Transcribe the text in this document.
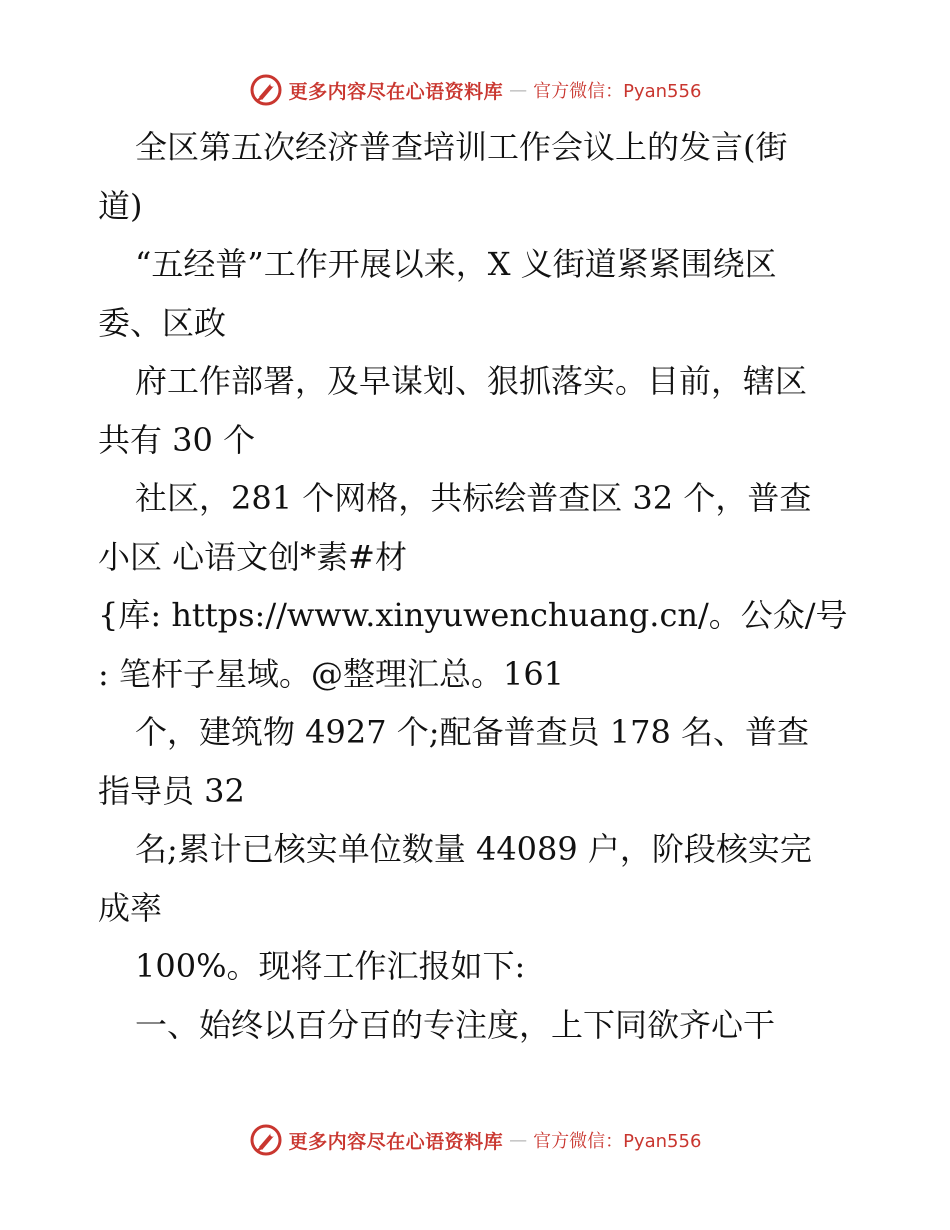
更多内容尽在心语资料库 — 官方微信：Pyan556
全区第五次经济普查培训工作会议上的发言(街
道)
“五经普”工作开展以来，X 义街道紧紧围绕区
委、区政
府工作部署，及早谋划、狠抓落实。目前，辖区
共有 30 个
社区，281 个网格，共标绘普查区 32 个，普查
小区 心语文创*素#材
{库: https://www.xinyuwenchuang.cn/。公众/号
: 笔杆子星域。@整理汇总。161
个，建筑物 4927 个;配备普查员 178 名、普查
指导员 32
名;累计已核实单位数量 44089 户，阶段核实完
成率
100%。现将工作汇报如下:
一、始终以百分百的专注度，上下同欲齐心干
更多内容尽在心语资料库 — 官方微信：Pyan556
